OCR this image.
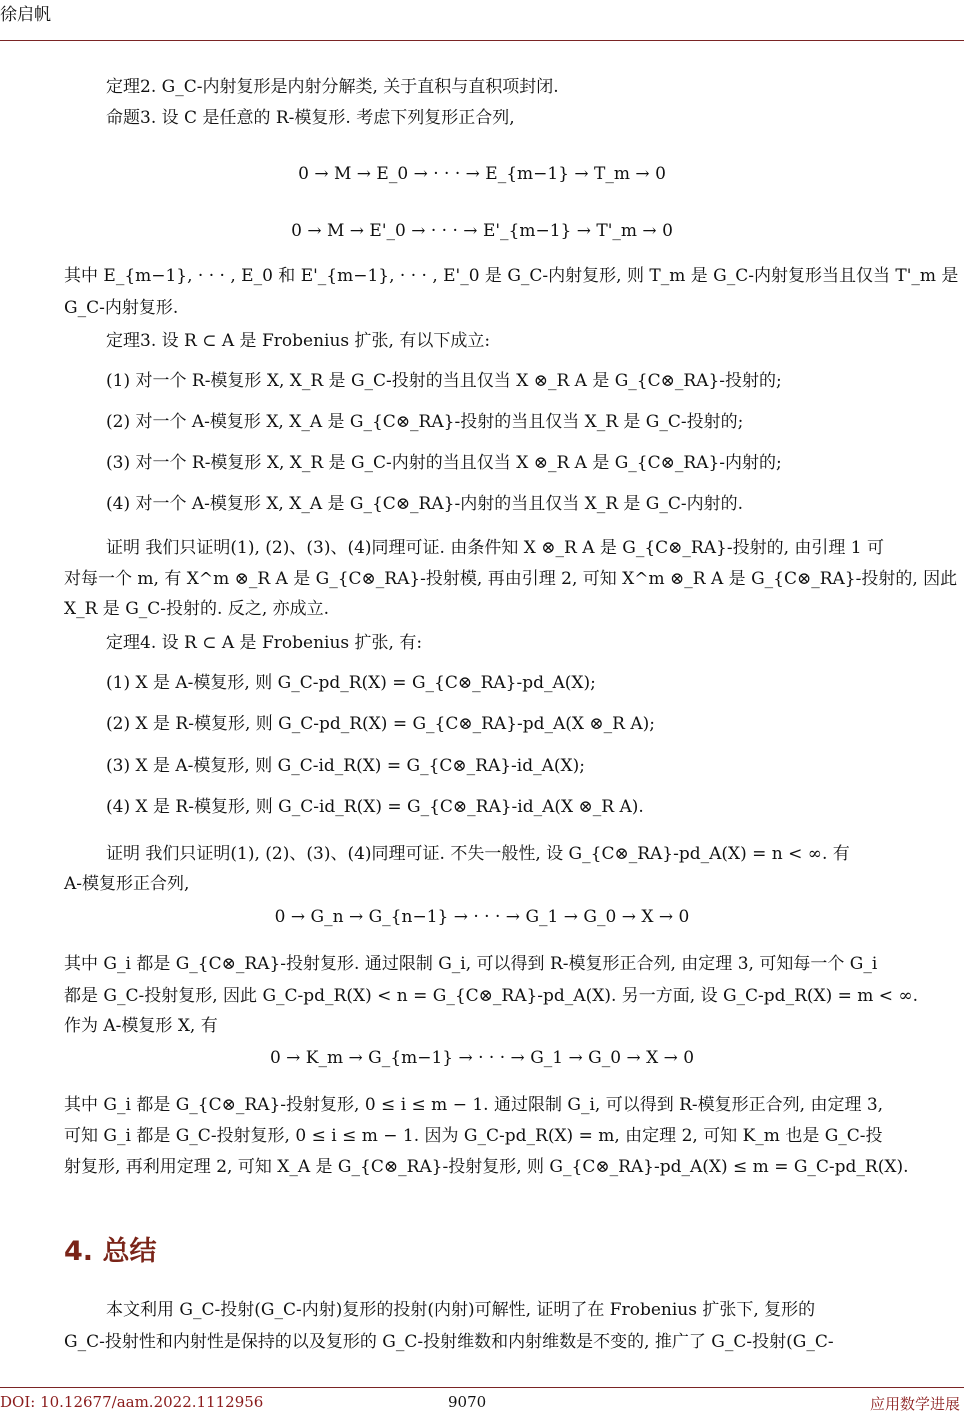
徐启帆
定理2. G_C-内射复形是内射分解类, 关于直积与直积项封闭.
命题3. 设 C 是任意的 R-模复形. 考虑下列复形正合列,
0 → M → E_0 → · · · → E_{m−1} → T_m → 0
0 → M → E'_0 → · · · → E'_{m−1} → T'_m → 0
其中 E_{m−1}, · · · , E_0 和 E'_{m−1}, · · · , E'_0 是 G_C-内射复形, 则 T_m 是 G_C-内射复形当且仅当 T'_m 是
G_C-内射复形.
定理3. 设 R ⊂ A 是 Frobenius 扩张, 有以下成立:
(1) 对一个 R-模复形 X, X_R 是 G_C-投射的当且仅当 X ⊗_R A 是 G_{C⊗_RA}-投射的;
(2) 对一个 A-模复形 X, X_A 是 G_{C⊗_RA}-投射的当且仅当 X_R 是 G_C-投射的;
(3) 对一个 R-模复形 X, X_R 是 G_C-内射的当且仅当 X ⊗_R A 是 G_{C⊗_RA}-内射的;
(4) 对一个 A-模复形 X, X_A 是 G_{C⊗_RA}-内射的当且仅当 X_R 是 G_C-内射的.
证明 我们只证明(1), (2)、(3)、(4)同理可证. 由条件知 X ⊗_R A 是 G_{C⊗_RA}-投射的, 由引理 1 可
对每一个 m, 有 X^m ⊗_R A 是 G_{C⊗_RA}-投射模, 再由引理 2, 可知 X^m ⊗_R A 是 G_{C⊗_RA}-投射的, 因此
X_R 是 G_C-投射的. 反之, 亦成立.
定理4. 设 R ⊂ A 是 Frobenius 扩张, 有:
(1) X 是 A-模复形, 则 G_C-pd_R(X) = G_{C⊗_RA}-pd_A(X);
(2) X 是 R-模复形, 则 G_C-pd_R(X) = G_{C⊗_RA}-pd_A(X ⊗_R A);
(3) X 是 A-模复形, 则 G_C-id_R(X) = G_{C⊗_RA}-id_A(X);
(4) X 是 R-模复形, 则 G_C-id_R(X) = G_{C⊗_RA}-id_A(X ⊗_R A).
证明 我们只证明(1), (2)、(3)、(4)同理可证. 不失一般性, 设 G_{C⊗_RA}-pd_A(X) = n < ∞. 有
A-模复形正合列,
0 → G_n → G_{n−1} → · · · → G_1 → G_0 → X → 0
其中 G_i 都是 G_{C⊗_RA}-投射复形. 通过限制 G_i, 可以得到 R-模复形正合列, 由定理 3, 可知每一个 G_i
都是 G_C-投射复形, 因此 G_C-pd_R(X) < n = G_{C⊗_RA}-pd_A(X). 另一方面, 设 G_C-pd_R(X) = m < ∞.
作为 A-模复形 X, 有
0 → K_m → G_{m−1} → · · · → G_1 → G_0 → X → 0
其中 G_i 都是 G_{C⊗_RA}-投射复形, 0 ≤ i ≤ m − 1. 通过限制 G_i, 可以得到 R-模复形正合列, 由定理 3,
可知 G_i 都是 G_C-投射复形, 0 ≤ i ≤ m − 1. 因为 G_C-pd_R(X) = m, 由定理 2, 可知 K_m 也是 G_C-投
射复形, 再利用定理 2, 可知 X_A 是 G_{C⊗_RA}-投射复形, 则 G_{C⊗_RA}-pd_A(X) ≤ m = G_C-pd_R(X).
本文利用 G_C-投射(G_C-内射)复形的投射(内射)可解性, 证明了在 Frobenius 扩张下, 复形的
G_C-投射性和内射性是保持的以及复形的 G_C-投射维数和内射维数是不变的, 推广了 G_C-投射(G_C-
4. 总结
DOI: 10.12677/aam.2022.1112956	9070	应用数学进展
